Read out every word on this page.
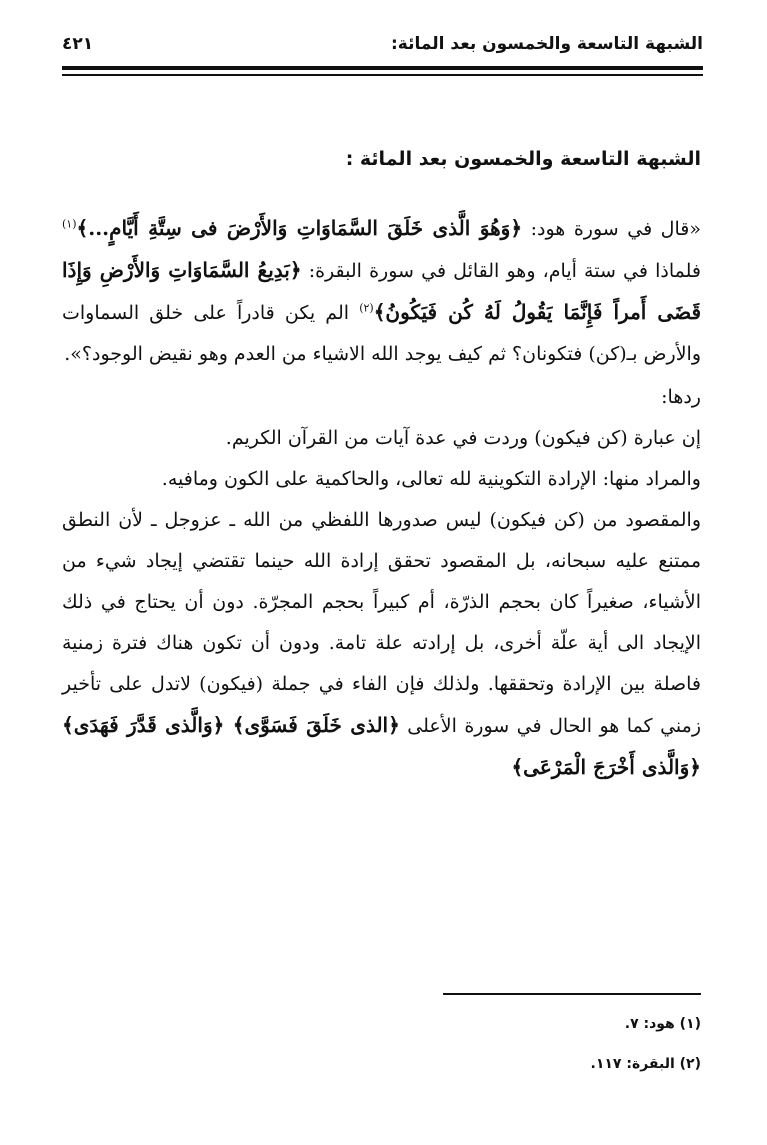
الشبهة التاسعة والخمسون بعد المائة:
٤٢١
الشبهة التاسعة والخمسون بعد المائة :

«قال في سورة هود: ﴿وَهُوَ الَّذى خَلَقَ السَّمَاوَاتِ وَالأَرْضَ فى سِتَّةِ أَيَّامٍ...﴾$^{(١)}$ فلماذا في ستة أيام، وهو القائل في سورة البقرة: ﴿بَدِيعُ السَّمَاوَاتِ وَالأَرْضِ وَإِذَا قَضَى أَمراً فَإِنَّمَا يَقُولُ لَهُ كُن فَيَكُونُ﴾$^{(٢)}$ الم يكن قادراً على خلق السماوات والأرض بـ(كن) فتكونان؟ ثم كيف يوجد الله الاشياء من العدم وهو نقيض الوجود؟».

ردها:

إن عبارة (كن فيكون) وردت في عدة آيات من القرآن الكريم.

والمراد منها: الإرادة التكوينية لله تعالى، والحاكمية على الكون ومافيه.

والمقصود من (كن فيكون) ليس صدورها اللفظي من الله ـ عزوجل ـ لأن النطق ممتنع عليه سبحانه، بل المقصود تحقق إرادة الله حينما تقتضي إيجاد شيء من الأشياء، صغيراً كان بحجم الذرّة، أم كبيراً بحجم المجرّة. دون أن يحتاج في ذلك الإيجاد الى أية علّة أخرى، بل إرادته علة تامة. ودون أن تكون هناك فترة زمنية فاصلة بين الإرادة وتحققها. ولذلك فإن الفاء في جملة (فيكون) لاتدل على تأخير زمني كما هو الحال في سورة الأعلى ﴿الذى خَلَقَ فَسَوَّى﴾ ﴿وَالَّذى قَدَّرَ فَهَدَى﴾ ﴿وَالَّذى أَخْرَجَ الْمَرْعَى﴾

(١) هود: ٧.
(٢) البقرة: ١١٧.
